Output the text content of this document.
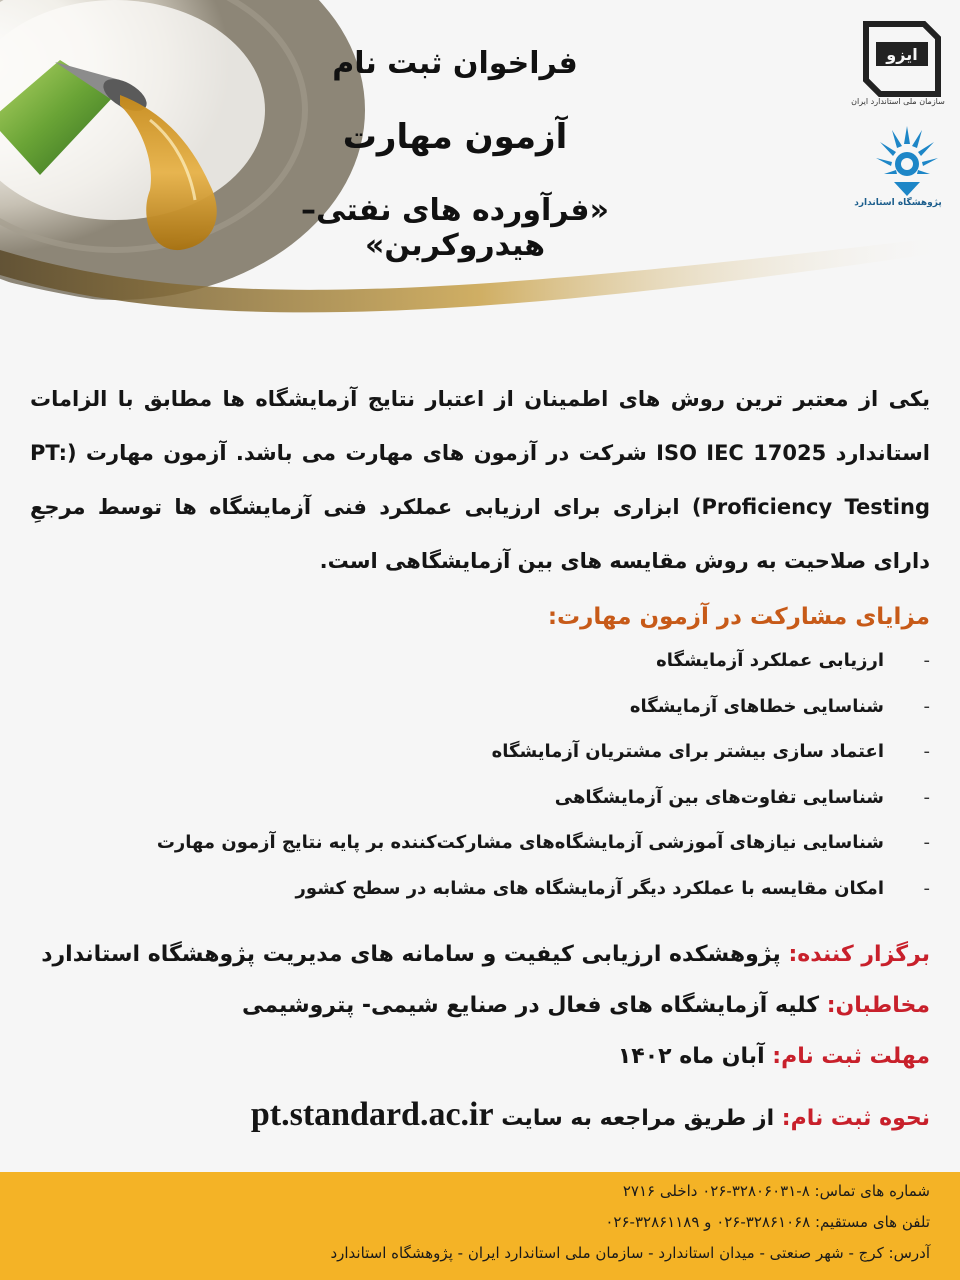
ایزو
سازمان ملی استاندارد ایران
پژوهشگاه استاندارد
فراخوان ثبت نام
آزمون مهارت
«فرآورده های نفتی–هیدروکربن»
یکی از معتبر ترین روش های اطمینان از اعتبار نتایج آزمایشگاه ها مطابق با الزامات استاندارد ISO IEC 17025 شرکت در آزمون های مهارت می باشد. آزمون مهارت (PT: Proficiency Testing) ابزاری برای ارزیابی عملکرد فنی آزمایشگاه ها توسط مرجعِ دارای صلاحیت به روش مقایسه های بین آزمایشگاهی است.
مزایای مشارکت در آزمون مهارت:
-
ارزیابی عملکرد آزمایشگاه
-
شناسایی خطاهای آزمایشگاه
-
اعتماد سازی بیشتر برای مشتریان آزمایشگاه
-
شناسایی تفاوت‌های بین آزمایشگاهی
-
شناسایی نیازهای آموزشی آزمایشگاه‌های مشارکت‌کننده بر پایه نتایج آزمون مهارت
-
امکان مقایسه با عملکرد دیگر آزمایشگاه های مشابه در سطح کشور
برگزار کننده: پژوهشکده ارزیابی کیفیت و سامانه های مدیریت پژوهشگاه استاندارد
مخاطبان: کلیه آزمایشگاه های فعال در صنایع شیمی- پتروشیمی
مهلت ثبت نام: آبان ماه ۱۴۰۲
نحوه ثبت نام: از طریق مراجعه به سایت pt.standard.ac.ir
شماره های تماس: ۸-۳۲۸۰۶۰۳۱-۰۲۶ داخلی ۲۷۱۶
تلفن های مستقیم: ۳۲۸۶۱۰۶۸-۰۲۶ و ۳۲۸۶۱۱۸۹-۰۲۶
آدرس: کرج - شهر صنعتی - میدان استاندارد - سازمان ملی استاندارد ایران - پژوهشگاه استاندارد
